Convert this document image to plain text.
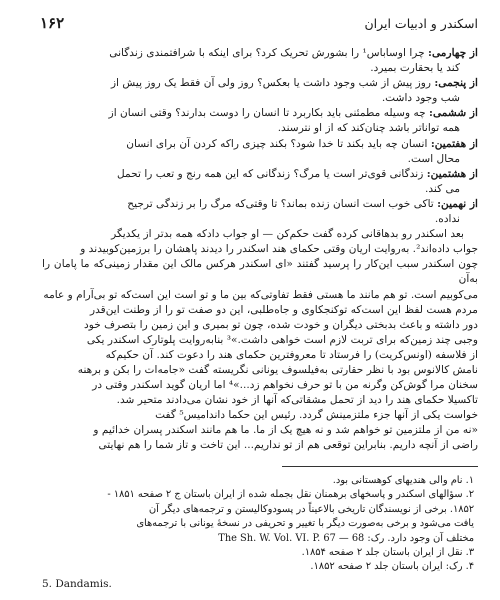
۱۶۲	اسکندر و ادبیات ایران

از چهارمی: چرا اوساباس¹ را بشورش تحریک کرد؟ برای اینکه با شرافتمندی زندگانی

کند یا بحقارت بمیرد.

از پنجمی: روز پیش از شب وجود داشت یا بعکس؟ روز ولی آن فقط یک روز پیش از

شب وجود داشت.

از ششمی: چه وسیله مطمئنی باید بکاربرد تا انسان را دوست بدارند؟ وقتی انسان از

همه تواناتر باشد چنان‌کند که از او نترسند.

از هفتمین: انسان چه باید بکند تا خدا شود؟ بکند چیزی را‌که کردن آن برای انسان

محال است.

از هشتمین: زندگانی قوی‌تر است یا مرگ؟ زندگانی که این همه رنج و تعب را تحمل

می کند.

از نهمین: تاکی خوب است انسان زنده بماند؟ تا وقتی‌که مرگ را بر زندگی ترجیح

ندا‌ده.

بعد اسکندر رو بدهاقانی کرده گفت حکم‌کن — او جواب داد‌که همه بدتر از یکدیگر

جواب داده‌اند². به‌روایت اریان وقتی حکمای هند اسکندر را دیدند پاهشان را برزمین‌کوبیدند و

چون اسکندر سبب این‌کار را پرسید گفتند «ای اسکندر هرکس مالک این مقدار زمینی‌که ما پامان را به‌آن

می‌کوبیم ‌است. تو هم مانند ما هستی فقط تفاوتی‌که بین ما و تو است این است‌که تو بی‌آرام و عامه

مردم هست لفظ این است‌که تو‌کنجکاوی و جاه‌طلبی، این دو صفت تو را از وطنت این‌قدر

دور داشته و باعث بدبختی دیگران و خودت شده، چون تو بمیری و این زمین را بتصرف خود

وجبی چند زمین‌که برای تربت لازم است خواهی داشت.»³ بنا‌به‌روایت پلوتارک اسکندر یکی

از فلاسفه (اونس‌کریت) را فرستاد تا معروفترین حکمای هند را دعوت کند. آن حکیم‌که

نامش کالانوس بود با نظر حقارتی به‌فیلسوف یونانی نگریسته گفت «جامه‌ات را بکن و برهنه

سخنان مرا گوش‌کن و‌گرنه من با تو حرف نخواهم زد...»⁴ اما اریان گوید اسکندر وقتی در

تاکسیلا حکمای هند را دید از تحمل مشقاتی‌که آنها از خود نشان می‌دادند متحیر شد.

خواست یکی از آنها جزء ملتزمینش گردد. رئیس این حکما داندامیس⁵ گفت

«نه من از ملتزمین تو خواهم شد و نه هیچ یک از ما. ما هم مانند اسکندر پسران خدائیم و

راضی از آنچه داریم. بنابراین توقعی هم از تو نداریم... این تاخت و تاز شما را هم نهایتی

۱. نام والی هندیهای کوهستانی بود.

۲. سؤالهای اسکندر و پاسخهای برهمنان نقل بجمله شده از ایران باستان ج ۲ صفحه ۱۸۵۱ -

۱۸۵۲. برخی از نویسندگان تاریخی بالاعیناً در پسودو‌کالیستن و ترجمه‌های دیگر آن

یافت می‌شود و برخی به‌صورت دیگر با تغییر و تحریفی در نسخهٔ یونانی با ترجمه‌های

مختلف آن وجود دارد. رک: 68 — The Sh. W. Vol. VI. P. 67

۳. نقل از ایران باستان جلد ۲ صفحه ۱۸۵۴.

۴. رک: ایران باستان جلد ۲ صفحه ۱۸۵۲.

5. Dandamis.
